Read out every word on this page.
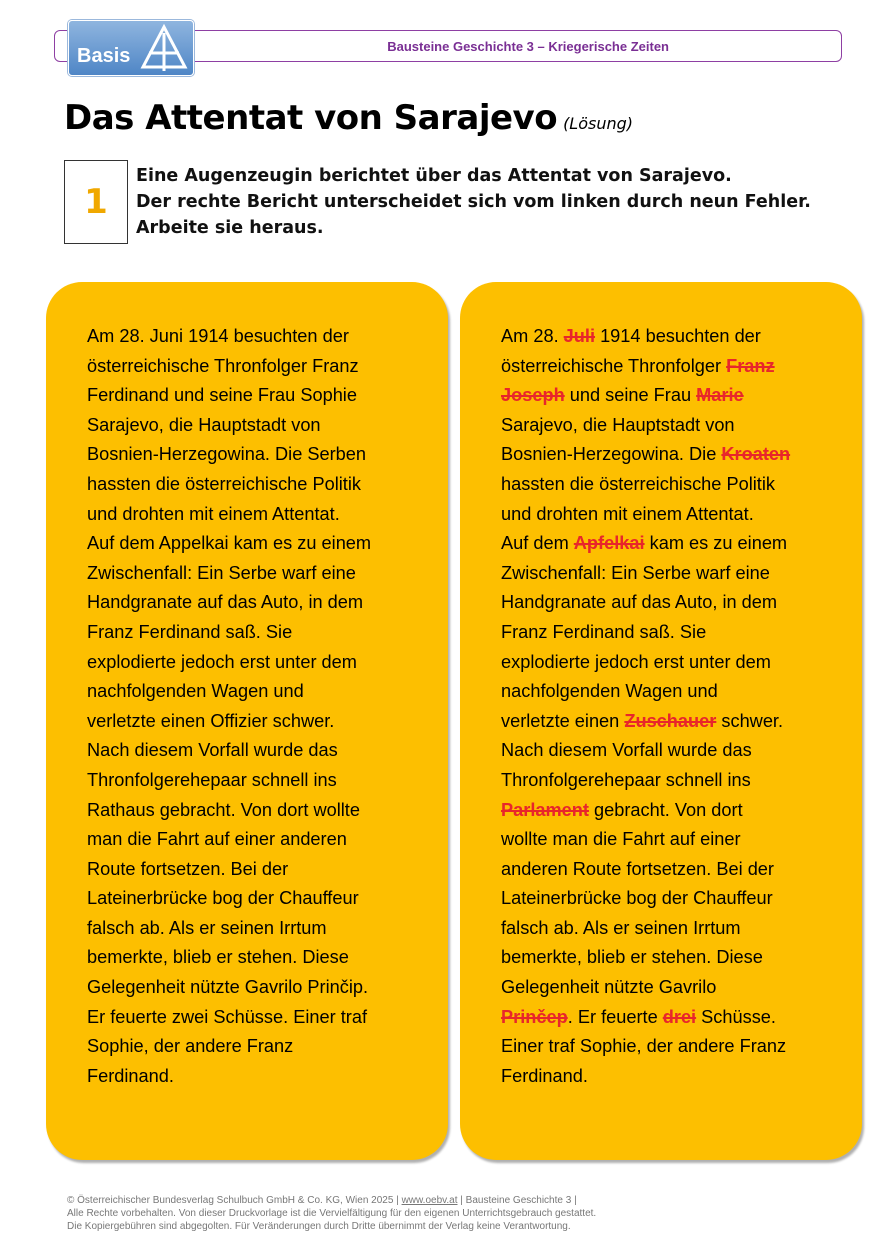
Bausteine Geschichte 3 – Kriegerische Zeiten
Basis
Das Attentat von Sarajevo (Lösung)
1
Eine Augenzeugin berichtet über das Attentat von Sarajevo.
Der rechte Bericht unterscheidet sich vom linken durch neun Fehler.
Arbeite sie heraus.
Am 28. Juni 1914 besuchten der
österreichische Thronfolger Franz
Ferdinand und seine Frau Sophie
Sarajevo, die Hauptstadt von
Bosnien-Herzegowina. Die Serben
hassten die österreichische Politik
und drohten mit einem Attentat.
Auf dem Appelkai kam es zu einem
Zwischenfall: Ein Serbe warf eine
Handgranate auf das Auto, in dem
Franz Ferdinand saß. Sie
explodierte jedoch erst unter dem
nachfolgenden Wagen und
verletzte einen Offizier schwer.
Nach diesem Vorfall wurde das
Thronfolgerehepaar schnell ins
Rathaus gebracht. Von dort wollte
man die Fahrt auf einer anderen
Route fortsetzen. Bei der
Lateinerbrücke bog der Chauffeur
falsch ab. Als er seinen Irrtum
bemerkte, blieb er stehen. Diese
Gelegenheit nützte Gavrilo Prinčip.
Er feuerte zwei Schüsse. Einer traf
Sophie, der andere Franz
Ferdinand.
Am 28. Juli 1914 besuchten der
österreichische Thronfolger Franz
Joseph und seine Frau Marie
Sarajevo, die Hauptstadt von
Bosnien-Herzegowina. Die Kroaten
hassten die österreichische Politik
und drohten mit einem Attentat.
Auf dem Apfelkai kam es zu einem
Zwischenfall: Ein Serbe warf eine
Handgranate auf das Auto, in dem
Franz Ferdinand saß. Sie
explodierte jedoch erst unter dem
nachfolgenden Wagen und
verletzte einen Zuschauer schwer.
Nach diesem Vorfall wurde das
Thronfolgerehepaar schnell ins
Parlament gebracht. Von dort
wollte man die Fahrt auf einer
anderen Route fortsetzen. Bei der
Lateinerbrücke bog der Chauffeur
falsch ab. Als er seinen Irrtum
bemerkte, blieb er stehen. Diese
Gelegenheit nützte Gavrilo
Prinčep. Er feuerte drei Schüsse.
Einer traf Sophie, der andere Franz
Ferdinand.
© Österreichischer Bundesverlag Schulbuch GmbH & Co. KG, Wien 2025 | www.oebv.at | Bausteine Geschichte 3 |
Alle Rechte vorbehalten. Von dieser Druckvorlage ist die Vervielfältigung für den eigenen Unterrichtsgebrauch gestattet.
Die Kopiergebühren sind abgegolten. Für Veränderungen durch Dritte übernimmt der Verlag keine Verantwortung.
